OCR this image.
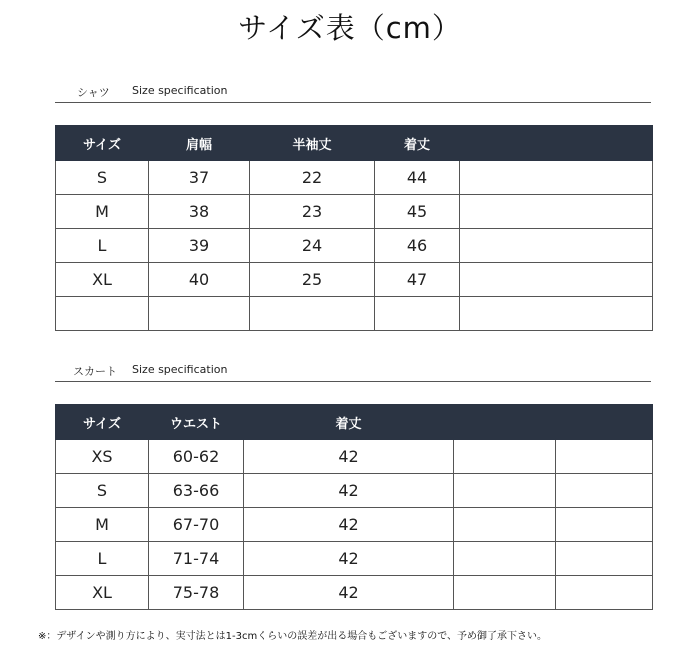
サイズ表（cm）
シャツ Size specification
サイズ	肩幅	半袖丈	着丈	
S	37	22	44	
M	38	23	45	
L	39	24	46	
XL	40	25	47	

スカート Size specification
サイズ	ウエスト	着丈		
XS	60-62	42		
S	63-66	42		
M	67-70	42		
L	71-74	42		
XL	75-78	42		
※：デザインや測り方により、実寸法とは1-3cmくらいの誤差が出る場合もございますので、予め御了承下さい。
